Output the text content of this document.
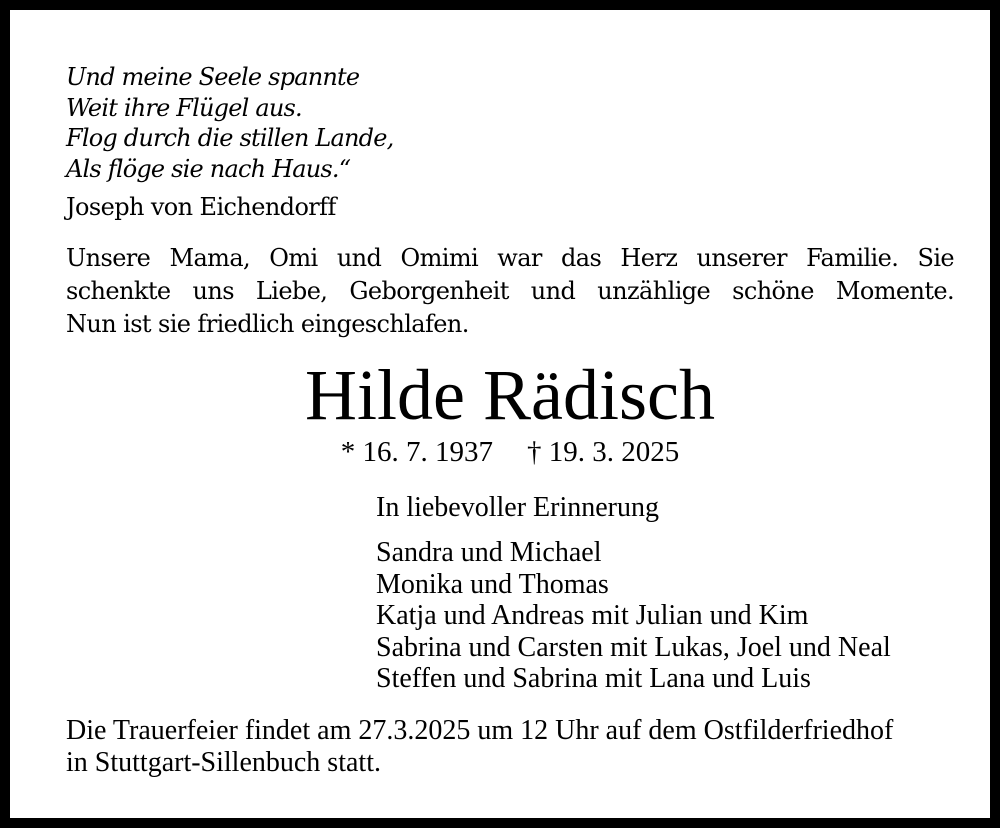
Und meine Seele spannte
Weit ihre Flügel aus.
Flog durch die stillen Lande,
Als flöge sie nach Haus.“
Joseph von Eichendorff
Unsere Mama, Omi und Omimi war das Herz unserer Familie. Sie
schenkte uns Liebe, Geborgenheit und unzählige schöne Momente.
Nun ist sie friedlich eingeschlafen.
Hilde Rädisch
* 16. 7. 1937 † 19. 3. 2025
In liebevoller Erinnerung
Sandra und Michael
Monika und Thomas
Katja und Andreas mit Julian und Kim
Sabrina und Carsten mit Lukas, Joel und Neal
Steffen und Sabrina mit Lana und Luis
Die Trauerfeier findet am 27.3.2025 um 12 Uhr auf dem Ostfilderfriedhof
in Stuttgart-Sillenbuch statt.
